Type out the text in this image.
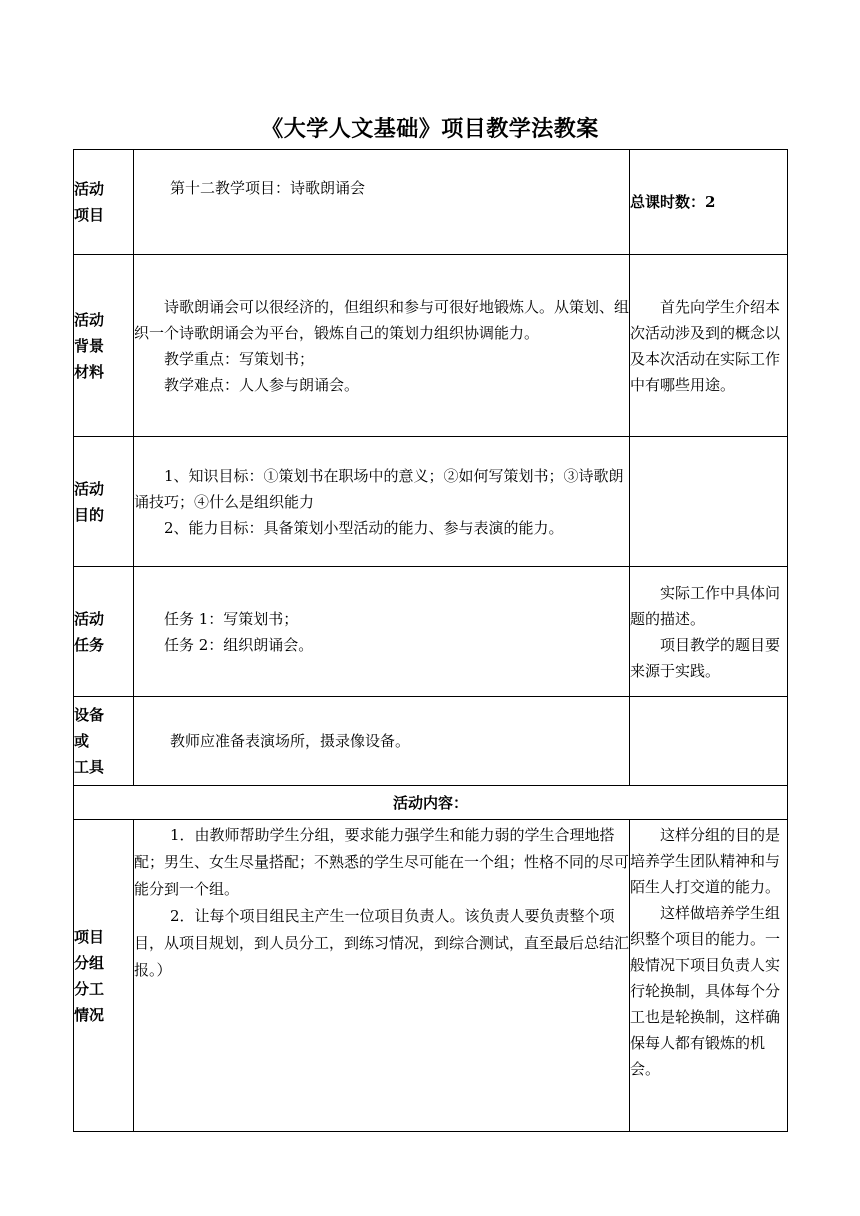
《大学人文基础》项目教学法教案
活动
项目	第十二教学项目：诗歌朗诵会	总课时数：2

活动
背景
材料	诗歌朗诵会可以很经济的，但组织和参与可很好地锻炼人。从策划、组织一个诗歌朗诵会为平台，锻炼自己的策划力组织协调能力。
教学重点：写策划书；
教学难点：人人参与朗诵会。	首先向学生介绍本次活动涉及到的概念以及本次活动在实际工作中有哪些用途。

活动
目的	1、知识目标：①策划书在职场中的意义；②如何写策划书；③诗歌朗诵技巧；④什么是组织能力
2、能力目标：具备策划小型活动的能力、参与表演的能力。	

活动
任务	任务 1：写策划书；
任务 2：组织朗诵会。	实际工作中具体问题的描述。
项目教学的题目要来源于实践。

设备
或
工具	教师应准备表演场所，摄录像设备。	

活动内容：		

项目
分组
分工
情况	1．由教师帮助学生分组，要求能力强学生和能力弱的学生合理地搭配；男生、女生尽量搭配；不熟悉的学生尽可能在一个组；性格不同的尽可能分到一个组。
2．让每个项目组民主产生一位项目负责人。该负责人要负责整个项目，从项目规划，到人员分工，到练习情况，到综合测试，直至最后总结汇报。）	这样分组的目的是培养学生团队精神和与陌生人打交道的能力。
这样做培养学生组织整个项目的能力。一般情况下项目负责人实行轮换制，具体每个分工也是轮换制，这样确保每人都有锻炼的机会。
